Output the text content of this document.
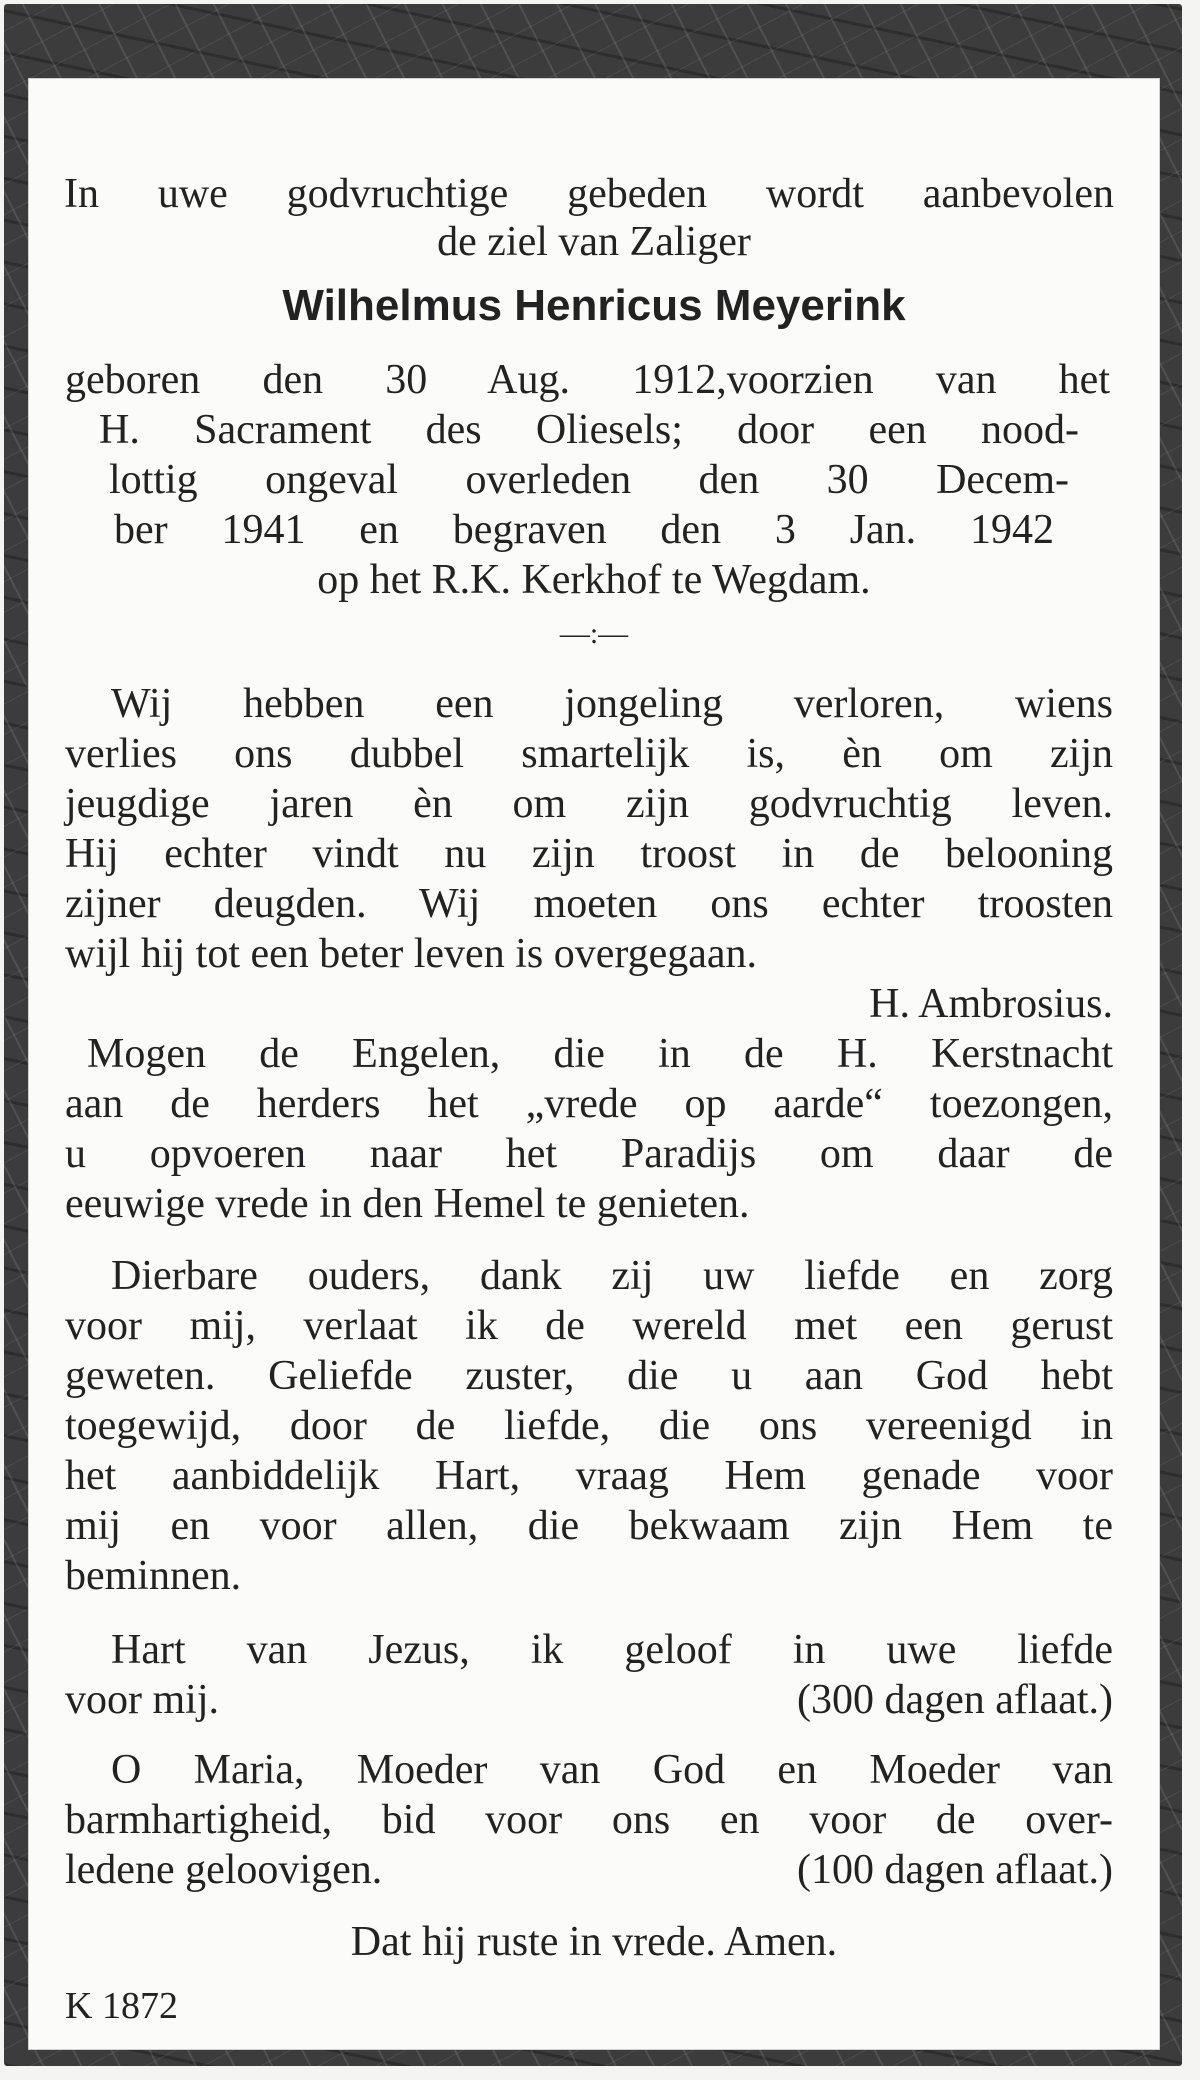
In uwe godvruchtige gebeden wordt aanbevolen
de ziel van Zaliger
Wilhelmus Henricus Meyerink
geboren den 30 Aug. 1912,voorzien van het
H. Sacrament des Oliesels; door een nood-
lottig ongeval overleden den 30 Decem-
ber 1941 en begraven den 3 Jan. 1942
op het R.K. Kerkhof te Wegdam.
—:—
Wij hebben een jongeling verloren, wiens
verlies ons dubbel smartelijk is, èn om zijn
jeugdige jaren èn om zijn godvruchtig leven.
Hij echter vindt nu zijn troost in de belooning
zijner deugden. Wij moeten ons echter troosten
wijl hij tot een beter leven is overgegaan.
H. Ambrosius.
Mogen de Engelen, die in de H. Kerstnacht
aan de herders het „vrede op aarde“ toezongen,
u opvoeren naar het Paradijs om daar de
eeuwige vrede in den Hemel te genieten.
Dierbare ouders, dank zij uw liefde en zorg
voor mij, verlaat ik de wereld met een gerust
geweten. Geliefde zuster, die u aan God hebt
toegewijd, door de liefde, die ons vereenigd in
het aanbiddelijk Hart, vraag Hem genade voor
mij en voor allen, die bekwaam zijn Hem te
beminnen.
Hart van Jezus, ik geloof in uwe liefde
voor mij.	(300 dagen aflaat.)
O Maria, Moeder van God en Moeder van
barmhartigheid, bid voor ons en voor de over-
ledene geloovigen.	(100 dagen aflaat.)
Dat hij ruste in vrede. Amen.
K 1872
